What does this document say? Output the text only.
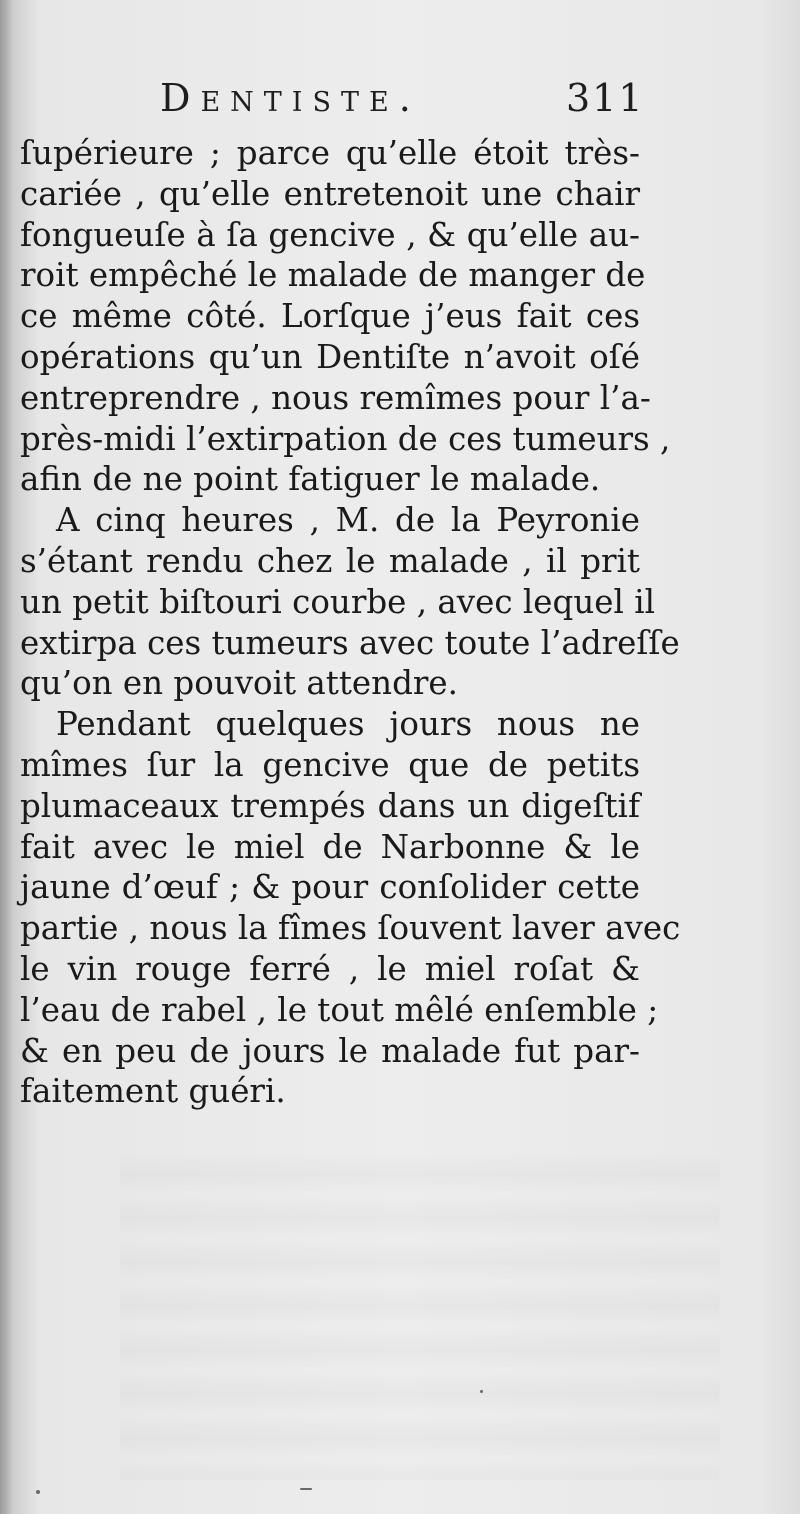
Dentiste.	311
ſupérieure ; parce qu’elle étoit très-
cariée , qu’elle entretenoit une chair
fongueuſe à ſa gencive , & qu’elle au-
roit empêché le malade de manger de
ce même côté. Lorſque j’eus fait ces
opérations qu’un Dentiſte n’avoit oſé
entreprendre , nous remîmes pour l’a-
près-midi l’extirpation de ces tumeurs ,
afin de ne point fatiguer le malade.
A cinq heures , M. de la Peyronie
s’étant rendu chez le malade , il prit
un petit biſtouri courbe , avec lequel il
extirpa ces tumeurs avec toute l’adreſſe
qu’on en pouvoit attendre.
Pendant quelques jours nous ne
mîmes ſur la gencive que de petits
plumaceaux trempés dans un digeſtif
fait avec le miel de Narbonne & le
jaune d’œuf ; & pour conſolider cette
partie , nous la fîmes ſouvent laver avec
le vin rouge ferré , le miel roſat &
l’eau de rabel , le tout mêlé enſemble ;
& en peu de jours le malade fut par-
faitement guéri.
